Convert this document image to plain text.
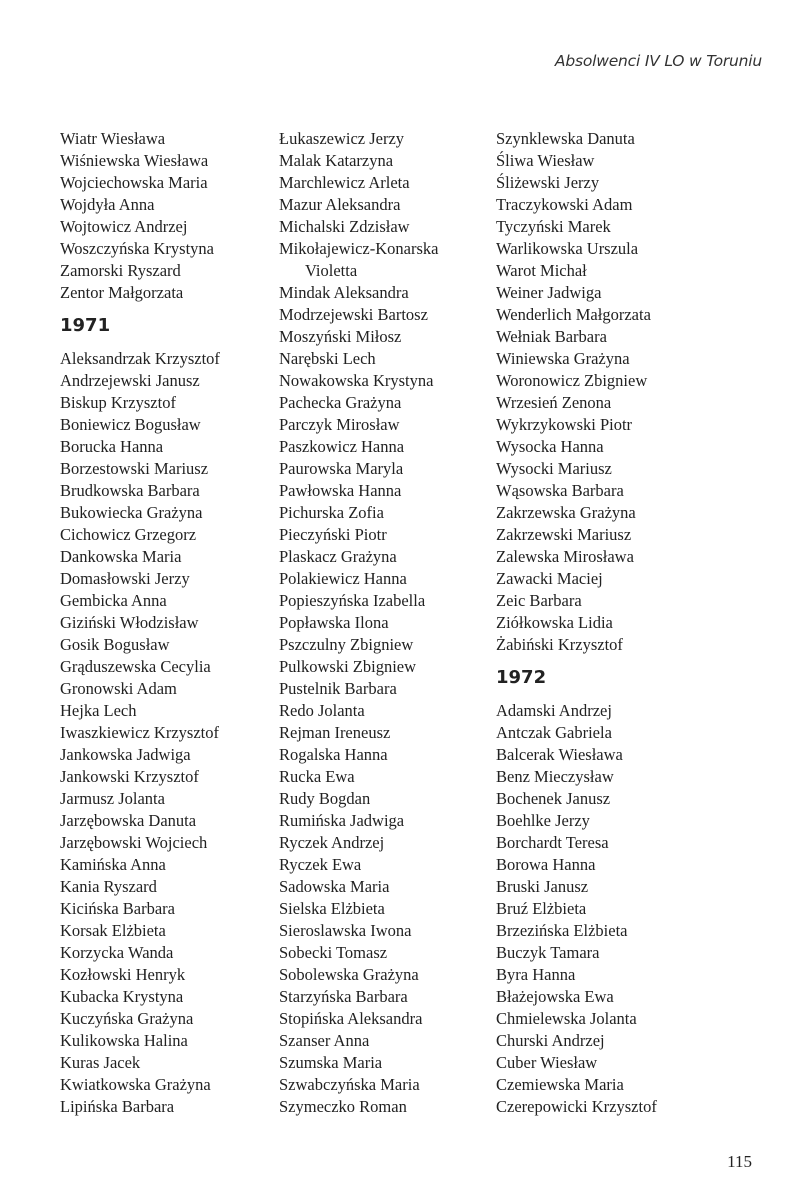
Absolwenci IV LO w Toruniu
Wiatr Wiesława
Wiśniewska Wiesława
Wojciechowska Maria
Wojdyła Anna
Wojtowicz Andrzej
Woszczyńska Krystyna
Zamorski Ryszard
Zentor Małgorzata
1971
Aleksandrzak Krzysztof
Andrzejewski Janusz
Biskup Krzysztof
Boniewicz Bogusław
Borucka Hanna
Borzestowski Mariusz
Brudkowska Barbara
Bukowiecka Grażyna
Cichowicz Grzegorz
Dankowska Maria
Domasłowski Jerzy
Gembicka Anna
Giziński Włodzisław
Gosik Bogusław
Grąduszewska Cecylia
Gronowski Adam
Hejka Lech
Iwaszkiewicz Krzysztof
Jankowska Jadwiga
Jankowski Krzysztof
Jarmusz Jolanta
Jarzębowska Danuta
Jarzębowski Wojciech
Kamińska Anna
Kania Ryszard
Kicińska Barbara
Korsak Elżbieta
Korzycka Wanda
Kozłowski Henryk
Kubacka Krystyna
Kuczyńska Grażyna
Kulikowska Halina
Kuras Jacek
Kwiatkowska Grażyna
Lipińska Barbara
Łukaszewicz Jerzy
Malak Katarzyna
Marchlewicz Arleta
Mazur Aleksandra
Michalski Zdzisław
Mikołajewicz-Konarska
Violetta
Mindak Aleksandra
Modrzejewski Bartosz
Moszyński Miłosz
Narębski Lech
Nowakowska Krystyna
Pachecka Grażyna
Parczyk Mirosław
Paszkowicz Hanna
Paurowska Maryla
Pawłowska Hanna
Pichurska Zofia
Pieczyński Piotr
Plaskacz Grażyna
Polakiewicz Hanna
Popieszyńska Izabella
Popławska Ilona
Pszczulny Zbigniew
Pulkowski Zbigniew
Pustelnik Barbara
Redo Jolanta
Rejman Ireneusz
Rogalska Hanna
Rucka Ewa
Rudy Bogdan
Rumińska Jadwiga
Ryczek Andrzej
Ryczek Ewa
Sadowska Maria
Sielska Elżbieta
Sieroslawska Iwona
Sobecki Tomasz
Sobolewska Grażyna
Starzyńska Barbara
Stopińska Aleksandra
Szanser Anna
Szumska Maria
Szwabczyńska Maria
Szymeczko Roman
Szynklewska Danuta
Śliwa Wiesław
Śliżewski Jerzy
Traczykowski Adam
Tyczyński Marek
Warlikowska Urszula
Warot Michał
Weiner Jadwiga
Wenderlich Małgorzata
Wełniak Barbara
Winiewska Grażyna
Woronowicz Zbigniew
Wrzesień Zenona
Wykrzykowski Piotr
Wysocka Hanna
Wysocki Mariusz
Wąsowska Barbara
Zakrzewska Grażyna
Zakrzewski Mariusz
Zalewska Mirosława
Zawacki Maciej
Zeic Barbara
Ziółkowska Lidia
Żabiński Krzysztof
1972
Adamski Andrzej
Antczak Gabriela
Balcerak Wiesława
Benz Mieczysław
Bochenek Janusz
Boehlke Jerzy
Borchardt Teresa
Borowa Hanna
Bruski Janusz
Bruź Elżbieta
Brzezińska Elżbieta
Buczyk Tamara
Byra Hanna
Błażejowska Ewa
Chmielewska Jolanta
Churski Andrzej
Cuber Wiesław
Czemiewska Maria
Czerepowicki Krzysztof
115
